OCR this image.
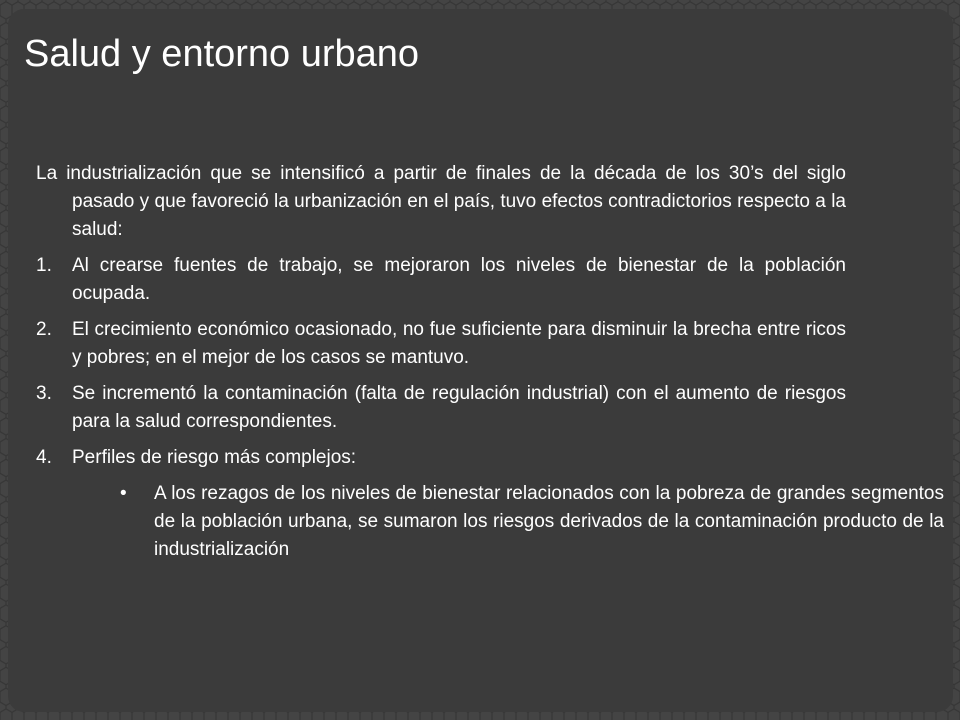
Salud y entorno urbano

La industrialización que se intensificó a partir de finales de la década de los 30’s del siglo pasado y que favoreció la urbanización en el país, tuvo efectos contradictorios respecto a la salud:

1. Al crearse fuentes de trabajo, se mejoraron los niveles de bienestar de la población ocupada.
2. El crecimiento económico ocasionado, no fue suficiente para disminuir la brecha entre ricos y pobres; en el mejor de los casos se mantuvo.
3. Se incrementó la contaminación (falta de regulación industrial) con el aumento de riesgos para la salud correspondientes.
4. Perfiles de riesgo más complejos:
• A los rezagos de los niveles de bienestar relacionados con la pobreza de grandes segmentos de la población urbana, se sumaron los riesgos derivados de la contaminación producto de la industrialización
